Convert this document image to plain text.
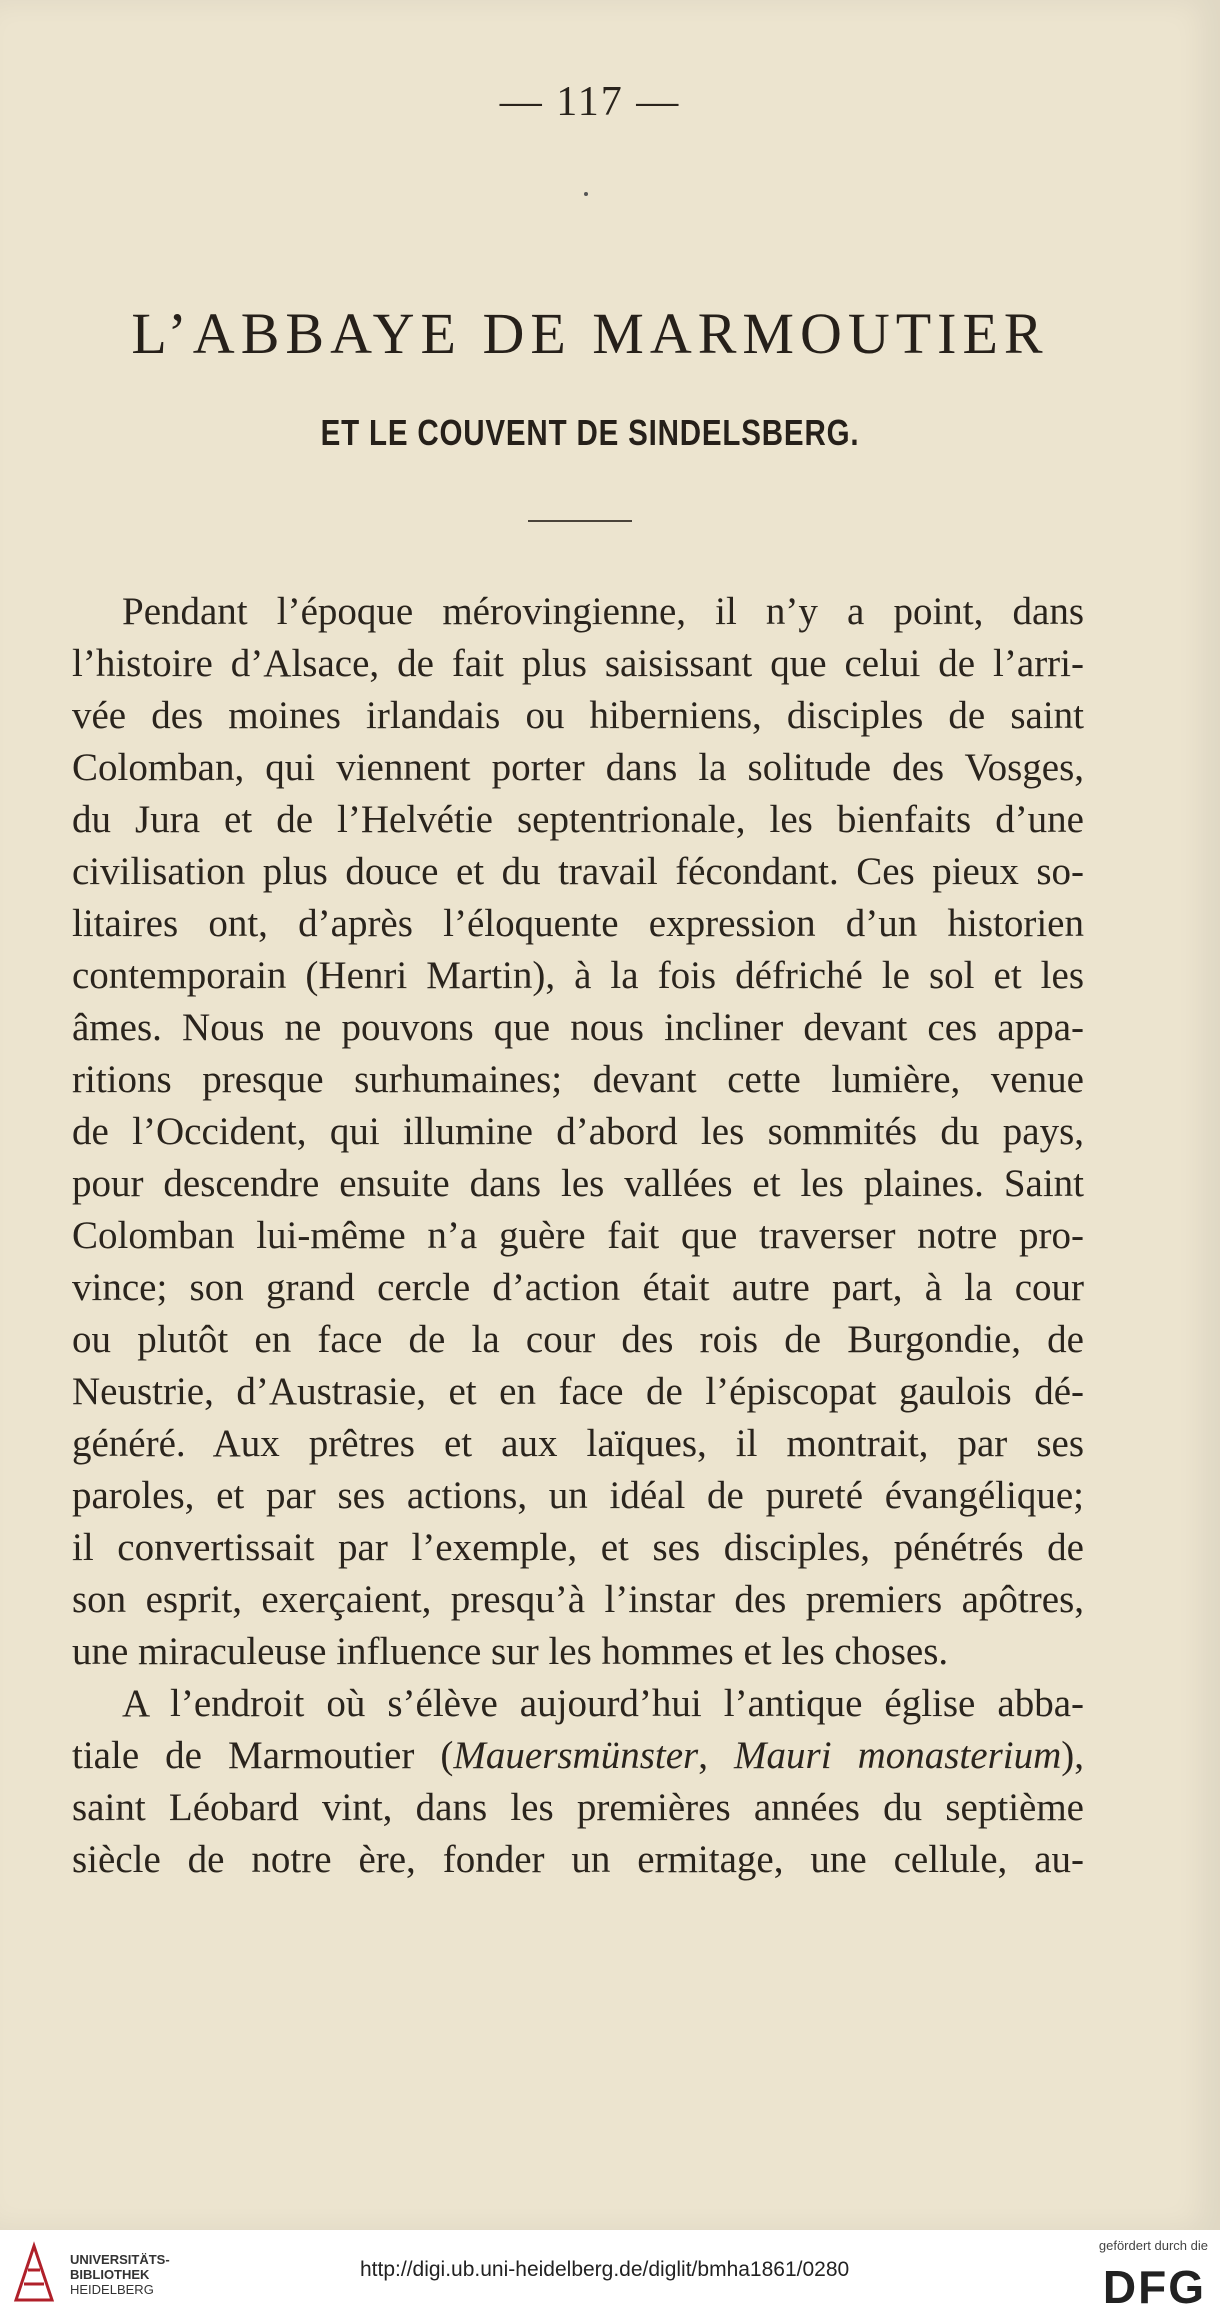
— 117 —
L’ABBAYE DE MARMOUTIER
ET LE COUVENT DE SINDELSBERG.
Pendant l’époque mérovingienne, il n’y a point, dans
l’histoire d’Alsace, de fait plus saisissant que celui de l’arri-
vée des moines irlandais ou hiberniens, disciples de saint
Colomban, qui viennent porter dans la solitude des Vosges,
du Jura et de l’Helvétie septentrionale, les bienfaits d’une
civilisation plus douce et du travail fécondant. Ces pieux so-
litaires ont, d’après l’éloquente expression d’un historien
contemporain (Henri Martin), à la fois défriché le sol et les
âmes. Nous ne pouvons que nous incliner devant ces appa-
ritions presque surhumaines; devant cette lumière, venue
de l’Occident, qui illumine d’abord les sommités du pays,
pour descendre ensuite dans les vallées et les plaines. Saint
Colomban lui-même n’a guère fait que traverser notre pro-
vince; son grand cercle d’action était autre part, à la cour
ou plutôt en face de la cour des rois de Burgondie, de
Neustrie, d’Austrasie, et en face de l’épiscopat gaulois dé-
généré. Aux prêtres et aux laïques, il montrait, par ses
paroles, et par ses actions, un idéal de pureté évangélique;
il convertissait par l’exemple, et ses disciples, pénétrés de
son esprit, exerçaient, presqu’à l’instar des premiers apôtres,
une miraculeuse influence sur les hommes et les choses.
A l’endroit où s’élève aujourd’hui l’antique église abba-
tiale de Marmoutier (Mauersmünster, Mauri monasterium),
saint Léobard vint, dans les premières années du septième
siècle de notre ère, fonder un ermitage, une cellule, au-
UNIVERSITÄTS-
BIBLIOTHEK
HEIDELBERG
http://digi.ub.uni-heidelberg.de/diglit/bmha1861/0280
gefördert durch die
DFG
